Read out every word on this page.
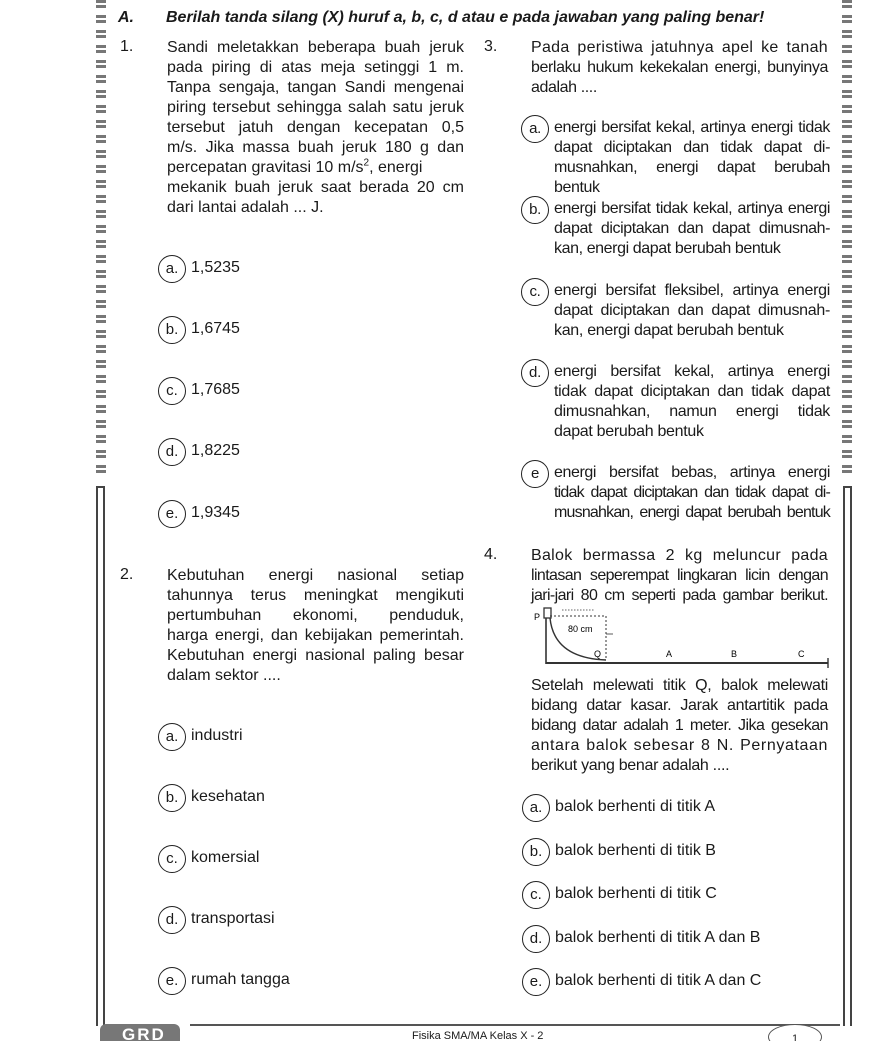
A. Berilah tanda silang (X) huruf a, b, c, d atau e pada jawaban yang paling benar!
1. Sandi meletakkan beberapa buah jeruk
pada piring di atas meja setinggi 1 m.
Tanpa sengaja, tangan Sandi mengenai
piring tersebut sehingga salah satu jeruk
tersebut jatuh dengan kecepatan 0,5
m/s. Jika massa buah jeruk 180 g dan
percepatan gravitasi 10 $m/s^2$, energi
mekanik buah jeruk saat berada 20 cm
dari lantai adalah ... J.
a. 1,5235
b. 1,6745
c. 1,7685
d. 1,8225
e. 1,9345
2. Kebutuhan energi nasional setiap
tahunnya terus meningkat mengikuti
pertumbuhan ekonomi, penduduk,
harga energi, dan kebijakan pemerintah.
Kebutuhan energi nasional paling besar
dalam sektor ....
a. industri
b. kesehatan
c. komersial
d. transportasi
e. rumah tangga
3. Pada peristiwa jatuhnya apel ke tanah
berlaku hukum kekekalan energi, bunyinya
adalah ....
a. energi bersifat kekal, artinya energi tidak
dapat diciptakan dan tidak dapat di-
musnahkan, energi dapat berubah bentuk
b. energi bersifat tidak kekal, artinya energi
dapat diciptakan dan dapat dimusnah-
kan, energi dapat berubah bentuk
c. energi bersifat fleksibel, artinya energi
dapat diciptakan dan dapat dimusnah-
kan, energi dapat berubah bentuk
d. energi bersifat kekal, artinya energi
tidak dapat diciptakan dan tidak dapat
dimusnahkan, namun energi tidak
dapat berubah bentuk
e energi bersifat bebas, artinya energi
tidak dapat diciptakan dan tidak dapat di-
musnahkan, energi dapat berubah bentuk
4. Balok bermassa 2 kg meluncur pada
lintasan seperempat lingkaran licin dengan
jari-jari 80 cm seperti pada gambar berikut.
P
80 cm
Q	A	B	C
Setelah melewati titik Q, balok melewati
bidang datar kasar. Jarak antartitik pada
bidang datar adalah 1 meter. Jika gesekan
antara balok sebesar 8 N. Pernyataan
berikut yang benar adalah ....
a. balok berhenti di titik A
b. balok berhenti di titik B
c. balok berhenti di titik C
d. balok berhenti di titik A dan B
e. balok berhenti di titik A dan C
GRD	Fisika SMA/MA Kelas X - 2	1
